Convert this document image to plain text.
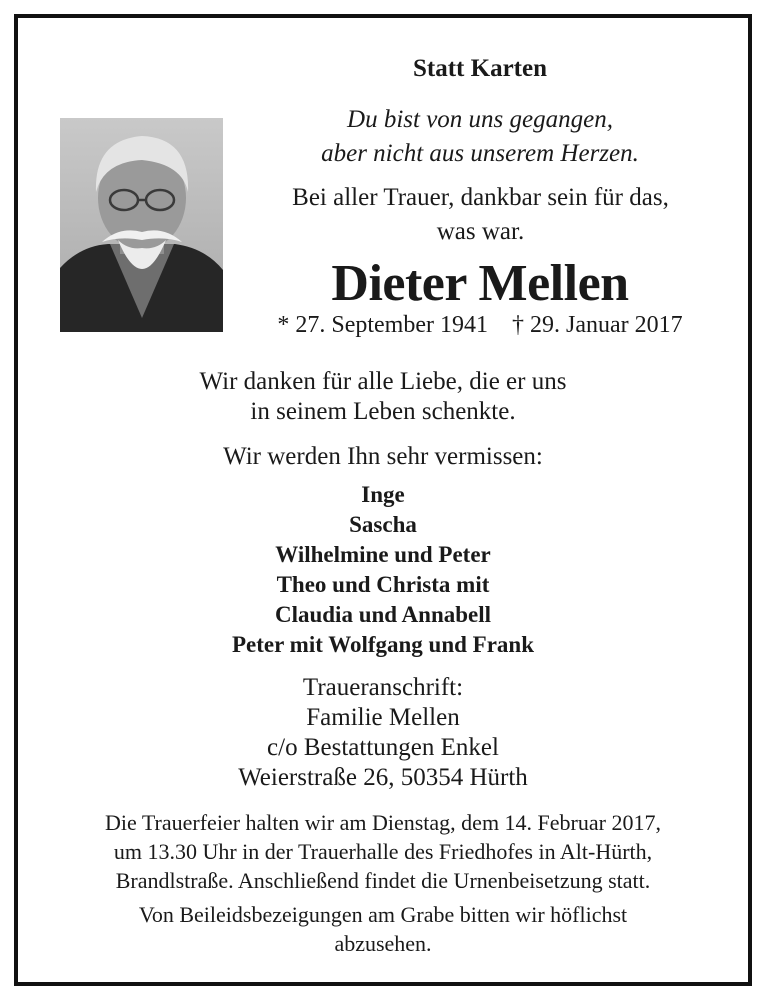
Statt Karten
Du bist von uns gegangen,
aber nicht aus unserem Herzen.
Bei aller Trauer, dankbar sein für das,
was war.
Dieter Mellen
* 27. September 1941 † 29. Januar 2017
Wir danken für alle Liebe, die er uns
in seinem Leben schenkte.
Wir werden Ihn sehr vermissen:
Inge
Sascha
Wilhelmine und Peter
Theo und Christa mit
Claudia und Annabell
Peter mit Wolfgang und Frank
Traueranschrift:
Familie Mellen
c/o Bestattungen Enkel
Weierstraße 26, 50354 Hürth
Die Trauerfeier halten wir am Dienstag, dem 14. Februar 2017,
um 13.30 Uhr in der Trauerhalle des Friedhofes in Alt-Hürth,
Brandlstraße. Anschließend findet die Urnenbeisetzung statt.
Von Beileidsbezeigungen am Grabe bitten wir höflichst
abzusehen.
